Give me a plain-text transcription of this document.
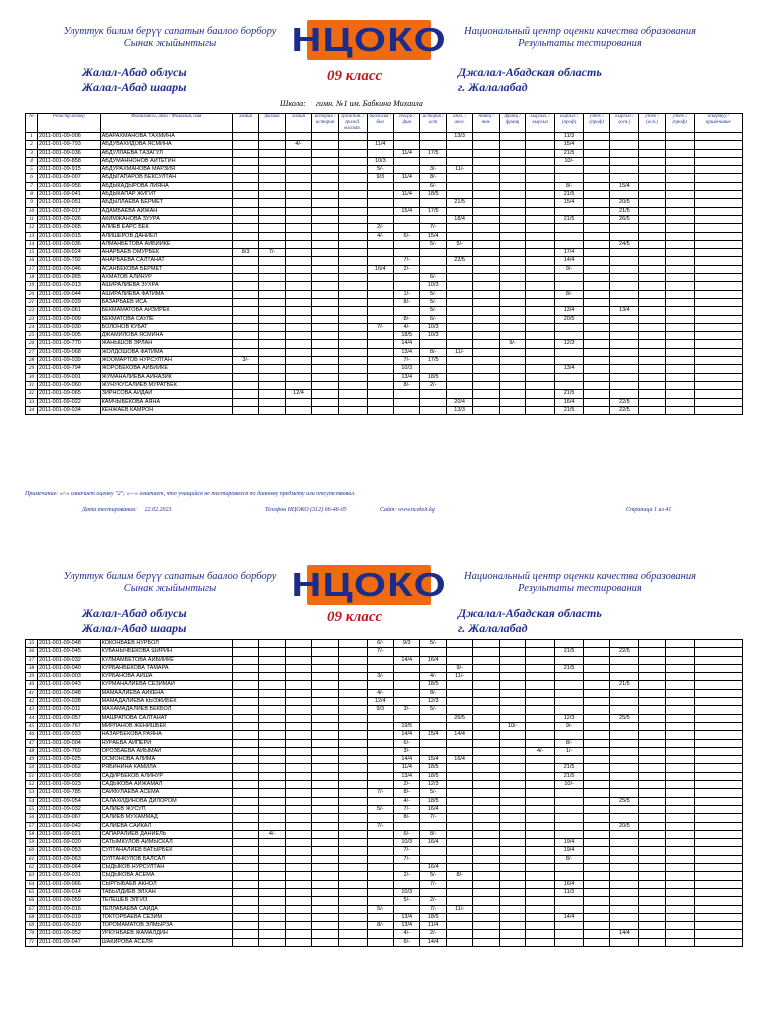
Улуттук билим берүү сапатын баалоо борбору
Сынак жыйынтыгы	НЦОКО	Национальный центр оценки качества образования
Результаты тестирования
Жалал-Абад облусы
Жалал-Абад шаары
09 класс	Джалал-Абадская область
г. Жалалабад
Школа: гимн. №1 им. Бабкина Михаила
№	Регистр.номер	Фамилиясы, аты / Фамилия, имя	химия	физика	химия	история / история	граждан. / гражд. воспит.	биология / био	геогра / фия	история / ист	англ. / англ.	немец / нем.	франц / франц	кыргыз. / кыргыз	кыргыз / (проф)	узбек / (проф)	кыргыз / (осн.)	узбек / (осн.)	узбек / (проф)	эскертуу / примечание
1	2011-001-09-006	АБАРАХМАНОВА ТАХМИНА									13/3				11/3					
2	2011-001-09-793	АБДУВАХИДОВА ЯСМИНА			4/-			11/4							15/4					
3	2011-001-09-036	АБДУЛЛАЕВА ТАЗАГУЛ							11/4	17/5					21/5					
4	2011-001-09-858	АБДУМАННОНОВ АЙТЕГИН						10/3							10/-					
5	2011-001-09-915	АБДУРАХМАНОВА МАРЗИЯ						5/-		3/-	11/-									
6	2011-001-09-007	АБДЫГАПАРОВ БЕКСУЛТАН						9/3	11/4	8/-										
7	2011-001-09-056	АБДЫКАДЫРОВА ЛИЯНА								6/-					8/-		15/4			
8	2011-001-09-041	АБДЫКАПАР ЖИГИТ							11/4	18/5					21/5					
9	2011-001-09-051	АБДЫЛЛАЕВА БЕРМЕТ									21/5				15/4		20/5			
10	2011-001-09-017	АДАМБАЕВА АЙЖАН							15/4	17/5							21/5			
11	2011-001-09-026	АКИМЖАНОВА ЗУУРА									18/4				21/5		26/5			
12	2011-001-09-065	АЛИЕВ ЕАРС БЕК						2/-		7/-										
13	2011-001-09-015	АЛИШЕРОВ ДАНИЕЛ						4/-	6/-	15/4										
14	2011-001-09-036	АЛМАНБЕТОВА АЙБИЙКЕ								5/-	5/-						24/5			
15	2011-001-09-024	АНАРБАЕВ ОМУРБЕК	8/3	7/-											17/4					
16	2011-001-09-792	АНАРБАЕВА САЛТАНАТ							7/-		22/5				14/4					
17	2011-001-09-046	АСАНБЕКОВА БЕРМЕТ						16/4	2/-						9/-					
18	2011-001-09-965	АХМАТОВ АЛИНУР								6/-										
19	2011-001-09-013	АШИРАЛИЕВА ЗУХРА								10/3										
20	2011-001-09-044	АШИРАЛИЕВА ФАТИМА							1/-	5/-					8/-					
21	2011-001-09-029	БАЗАРБАЕВ ИСА							8/-	5/-										
22	2011-001-09-061	БЕКМАМАТОВА АЙЗИРЕК								5/-					13/4		13/4			
23	2011-001-09-009	БЕКМАТОВА САУЛЕ							8/-	6/-					20/5					
24	2011-001-09-030	БОЛОНОВ КУБАТ						7/-	4/-	10/3										
25	2011-001-09-005	ДЖАМИЛОВА ЯСМИНА							18/5	10/3										
26	2011-001-09-770	ЖАНЫШОВ ЭРЛАН							14/4				9/-		12/3					
27	2011-001-09-068	ЖОЛДОШОВА ФАТИМА							13/4	8/-	11/-									
28	2011-001-09-039	ЖООМАРТОВ НУРСУЛТАН	3/-						7/-	17/5										
29	2011-001-09-794	ЖОРОБЕКОВА АЙБИЙКЕ							10/3						13/4					
30	2011-001-09-001	ЖУМАНАЛИЕВА АЙНАЗИК							13/4	18/5										
31	2011-001-09-060	ЖУНУКУСАЛИЕВ МУРАТБЕК							8/-	2/-										
32	2011-001-09-065	ЗИРНСОВА АЙДАЙ			12/4										21/5					
33	2011-001-09-022	КАМЧЫБЕКОВА АЯНА									20/4				16/4		22/5			
34	2011-001-09-034	КЕНЖАЕВ КАМРОН									13/3				21/5		22/5			
Примечание: «/-» означает оценку "2"; «—» означает, что учащийся не тестировался по данному предмету или отсутствовал.
Дата тестирования: 22.02.2023	Телефон НЦОКО (312) 66-46-05	Сайт: www.nceksit.kg	Страница 1 из 41
Улуттук билим берүү сапатын баалоо борбору
Сынак жыйынтыгы	НЦОКО	Национальный центр оценки качества образования
Результаты тестирования
Жалал-Абад облусы
Жалал-Абад шаары
09 класс	Джалал-Абадская область
г. Жалалабад
35	2011-001-09-048	КОКОНБАЕВ НУРБОЛ						6/-	9/3	5/-										
36	2011-001-09-045	КУБАНЫЧБЕКОВА ШИРИН						7/-							21/5		22/5			
37	2011-001-09-032	КУЛМАМБЕТОВА АЙБИЙКЕ							14/4	16/4										
38	2011-001-09-040	КУРБАНБЕКОВА ТАМАРА									9/-				21/5					
39	2011-001-09-003	КУРБАНОВА АЙША						3/-		4/-	11/-									
40	2011-001-09-043	КУРМАНАЛИЕВА СЕЗИМАЙ								18/5							21/5			
41	2011-001-09-048	МАМААЛИЕВА АЙКЕНА						4/-		8/-										
42	2011-001-09-028	МАМАДАЛИЕВА КЫЗЖИБЕК						12/4		12/3										
43	2011-001-09-011	МАХАМАДАЛИЕВ БЕКБОЛ						9/3	3/-	5/-										
44	2011-001-09-057	МАШРАПОВА САЛТАНАТ									26/5				12/3		25/5			
45	2011-001-09-767	МИРЛАНОВ ЖЕНИШБЕК							19/5				10/-		9/-					
46	2011-001-09-033	НАЗАРБЕКОВА РАЯНА							14/4	15/4	14/4									
47	2011-001-09-004	НУРАЕВА АЙПЕРИ							6/-						8/-					
48	2011-001-09-769	ОРОЗБАЕВА АЙЫМАЙ							3/-					4/-	1/-					
49	2011-001-09-025	ОСМОНОВА АЛИМА							14/4	15/4	16/4									
50	2011-001-09-062	РЯБИНИНА КАМИЛА							11/4	18/5					21/5					
51	2011-001-09-058	САДИРБЕКОВ АЛИНУР							13/4	18/5					21/5					
52	2011-001-09-023	САДЫКОВА АЙЖАМАЛ							2/-	12/3					10/-					
53	2011-001-09-785	САЙФУЛАЕВА АСЕМА						7/-	8/-	5/-										
54	2011-001-09-054	САЛАХИДИНОВА ДИЛОРОМ							4/-	18/5							25/5			
55	2011-001-09-032	САЛИЕВ ЖУСУП						5/-	7/-	16/4										
56	2011-001-09-067	САЛИЕВ МУХАММАД							8/-	7/-										
57	2011-001-09-042	САЛИЕВА САЙКАЛ						7/-									20/5			
58	2011-001-09-021	САПАРАЛИЕВ ДАНИЕЛЬ		4/-					6/-	8/-										
59	2011-001-09-020	САТЫМКУЛОВ АЙМЫСКАЛ							10/3	16/4					19/4					
60	2011-001-09-053	СУЛТАНАЛИЕВ БАТЫРБЕК							7/-						19/4					
61	2011-001-09-063	СУЛТАНКУЛОВ БАЛСАЛ							7/-						8/-					
62	2011-001-09-064	СЫДЫКОВ НУРСУЛТАН								16/4										
63	2011-001-09-031	СЫДЫКОВА АСЕМА							2/-	5/-	8/-									
64	2011-001-09-066	СЫРГЫБАЕВ АКНОЛ								7/-					16/4					
65	2011-001-09-014	ТАБЫЛДИЕВ ЭЛХАН							10/3						11/3					
66	2011-001-09-059	ТЕЛЕШЕВ ЭЛГИЗ							5/-	2/-										
67	2011-001-09-016	ТЕЛЛАБАЕВА САИДА						5/-		7/-	11/-									
68	2011-001-09-019	ТОКТОРБАЕВА СЕЗИМ							13/4	18/5					14/4					
69	2011-001-09-010	ТОРОМАМАТОВ ЭЛМЫРЗА						8/-	13/4	11/4										
70	2011-001-09-052	УРКУНБАЕВ ЖАМАЛДИН							4/-	2/-							14/4			
71	2011-001-09-047	ШАКИРОВА АСЕЛЯ							6/-	14/4										
